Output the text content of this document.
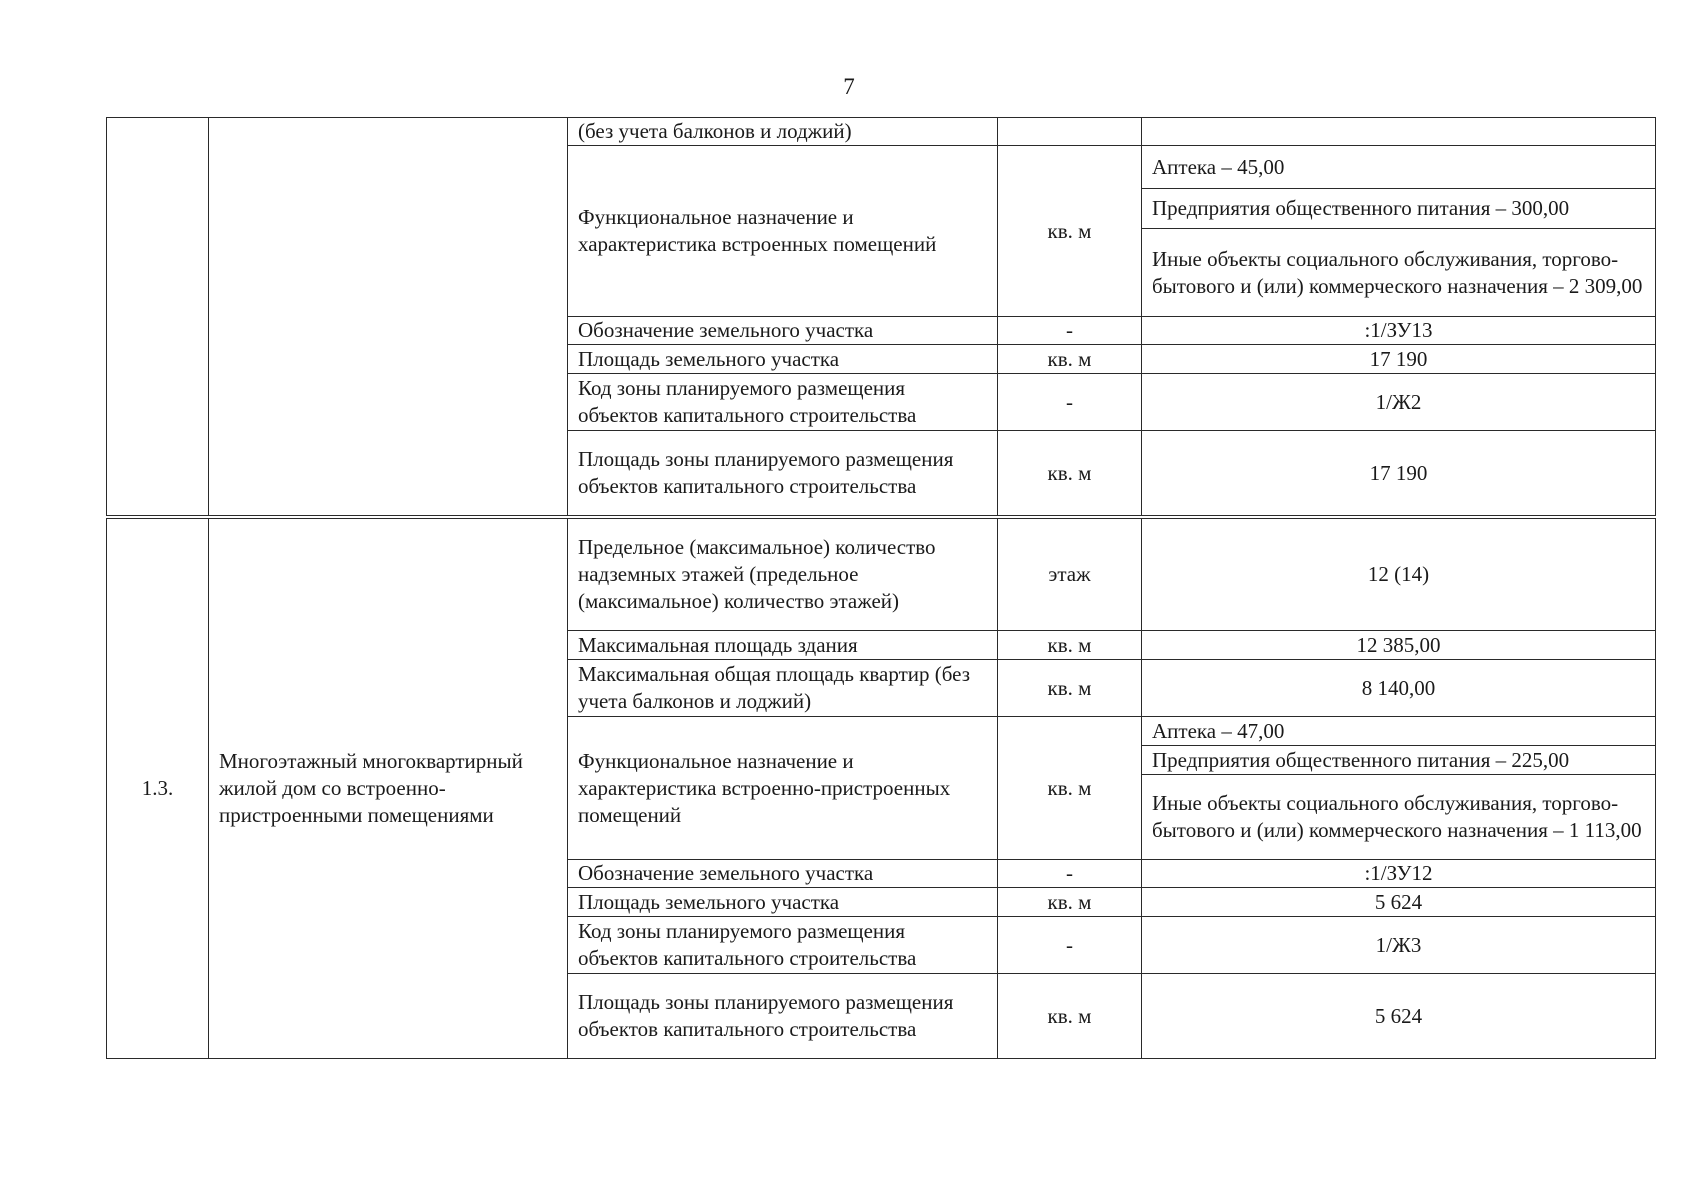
7
		(без учета балконов и лоджий)		
		Функциональное назначение и характеристика встроенных помещений	кв. м	Аптека – 45,00
				Предприятия общественного питания – 300,00
				Иные объекты социального обслуживания, торгово-бытового и (или) коммерческого назначения – 2 309,00
		Обозначение земельного участка	-	:1/ЗУ13
		Площадь земельного участка	кв. м	17 190
		Код зоны планируемого размещения объектов капитального строительства	-	1/Ж2
		Площадь зоны планируемого размещения объектов капитального строительства	кв. м	17 190
1.3.	Многоэтажный многоквартирный жилой дом со встроенно-пристроенными помещениями	Предельное (максимальное) количество надземных этажей (предельное (максимальное) количество этажей)	этаж	12 (14)
		Максимальная площадь здания	кв. м	12 385,00
		Максимальная общая площадь квартир (без учета балконов и лоджий)	кв. м	8 140,00
		Функциональное назначение и характеристика встроенно-пристроенных помещений	кв. м	Аптека – 47,00
				Предприятия общественного питания – 225,00
				Иные объекты социального обслуживания, торгово-бытового и (или) коммерческого назначения – 1 113,00
		Обозначение земельного участка	-	:1/ЗУ12
		Площадь земельного участка	кв. м	5 624
		Код зоны планируемого размещения объектов капитального строительства	-	1/Ж3
		Площадь зоны планируемого размещения объектов капитального строительства	кв. м	5 624
